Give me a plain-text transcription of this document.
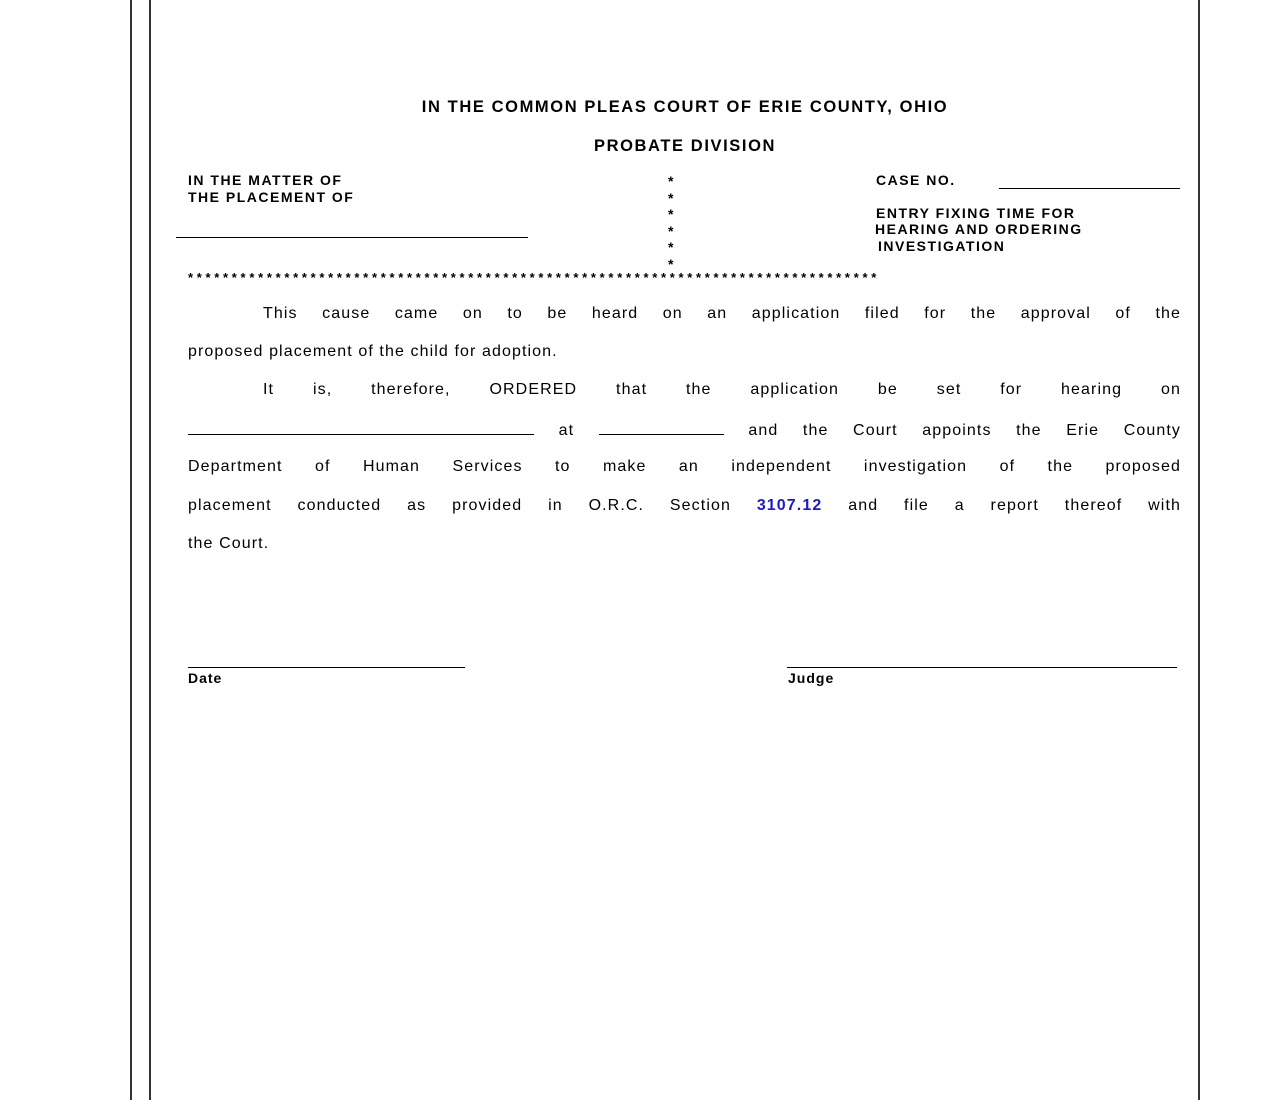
IN THE COMMON PLEAS COURT OF ERIE COUNTY, OHIO
PROBATE DIVISION
IN THE MATTER OF
THE PLACEMENT OF
*
*
*
*
*
*
CASE NO.
ENTRY FIXING TIME FOR
HEARING AND ORDERING
INVESTIGATION
*******************************************************************************
This cause came on to be heard on an application filed for the approval of the
proposed placement of the child for adoption.
It is, therefore, ORDERED that the application be set for hearing on
at	and the Court appoints the Erie County
Department of Human Services to make an independent investigation of the proposed
placement conducted as provided in O.R.C. Section 3107.12 and file a report thereof with
the Court.
Date	Judge
